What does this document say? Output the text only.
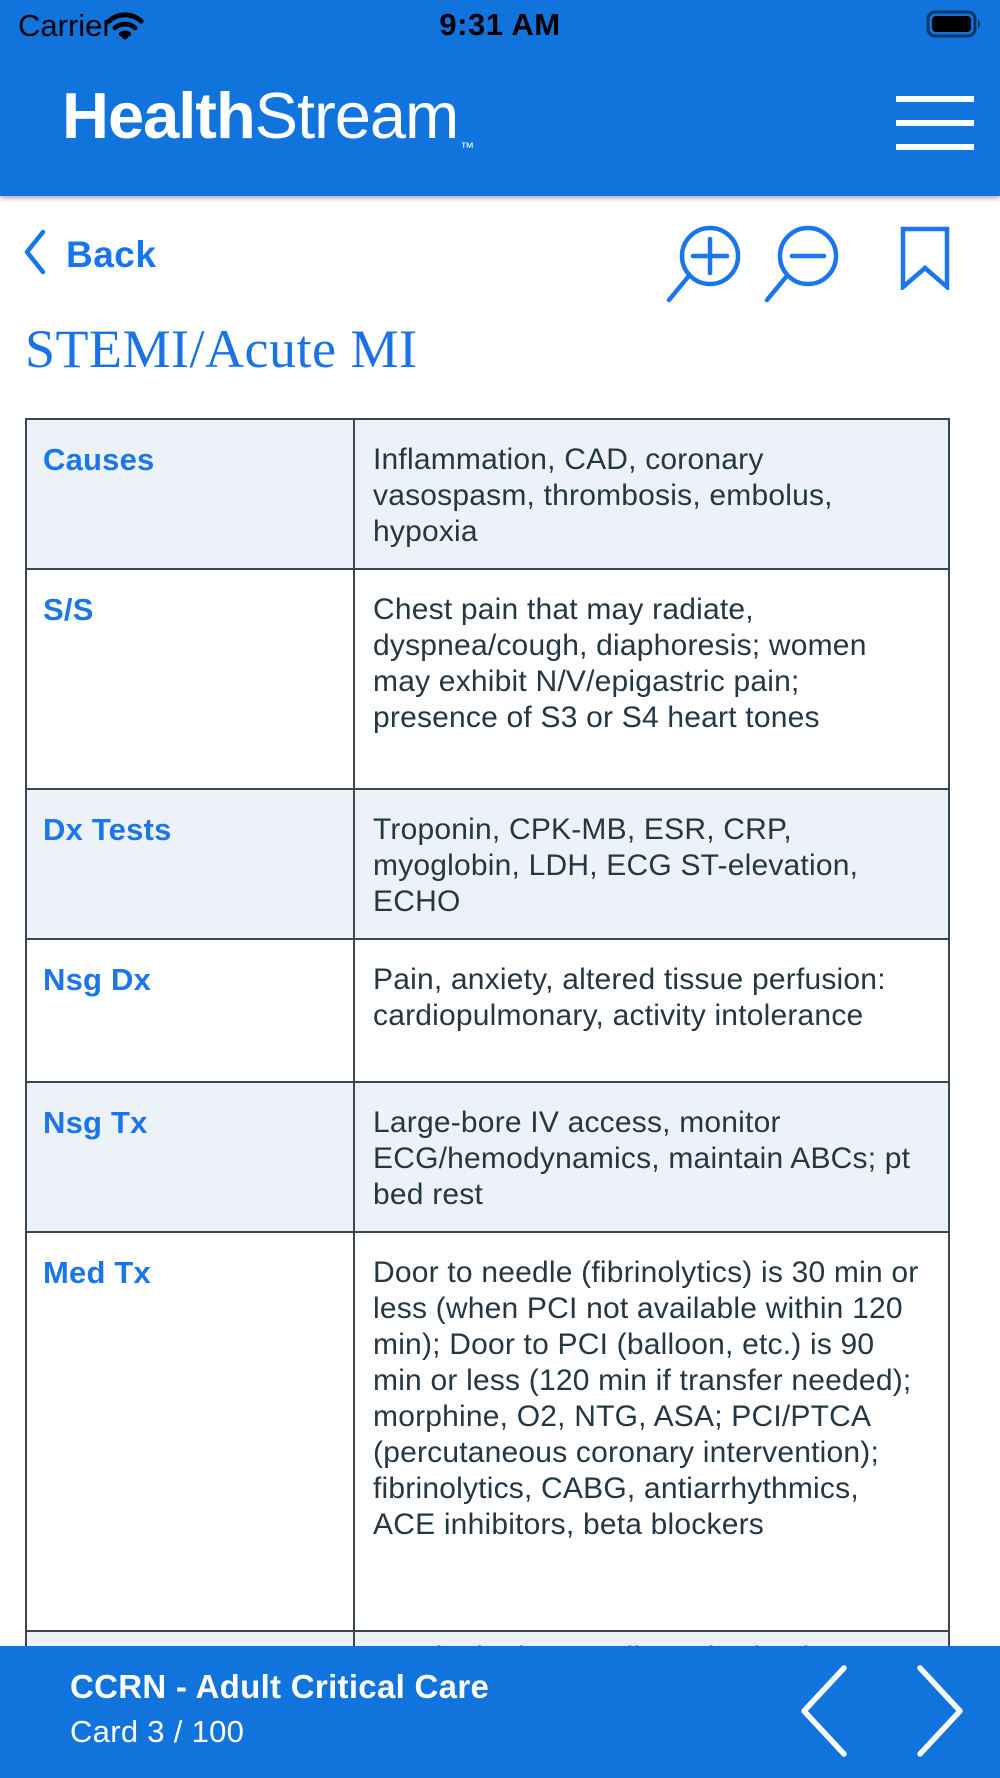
Carrier	9:31 AM
HealthStream $_™$
Back
STEMI/Acute MI
Causes	Inflammation, CAD, coronary vasospasm, thrombosis, embolus, hypoxia
S/S	Chest pain that may radiate, dyspnea/cough, diaphoresis; women may exhibit N/V/epigastric pain; presence of S3 or S4 heart tones
Dx Tests	Troponin, CPK-MB, ESR, CRP, myoglobin, LDH, ECG ST-elevation, ECHO
Nsg Dx	Pain, anxiety, altered tissue perfusion: cardiopulmonary, activity intolerance
Nsg Tx	Large-bore IV access, monitor ECG/hemodynamics, maintain ABCs; pt bed rest
Med Tx	Door to needle (fibrinolytics) is 30 min or less (when PCI not available within 120 min); Door to PCI (balloon, etc.) is 90 min or less (120 min if transfer needed); morphine, O2, NTG, ASA; PCI/PTCA (percutaneous coronary intervention); fibrinolytics, CABG, antiarrhythmics, ACE inhibitors, beta blockers

CCRN - Adult Critical Care
Card 3 / 100
